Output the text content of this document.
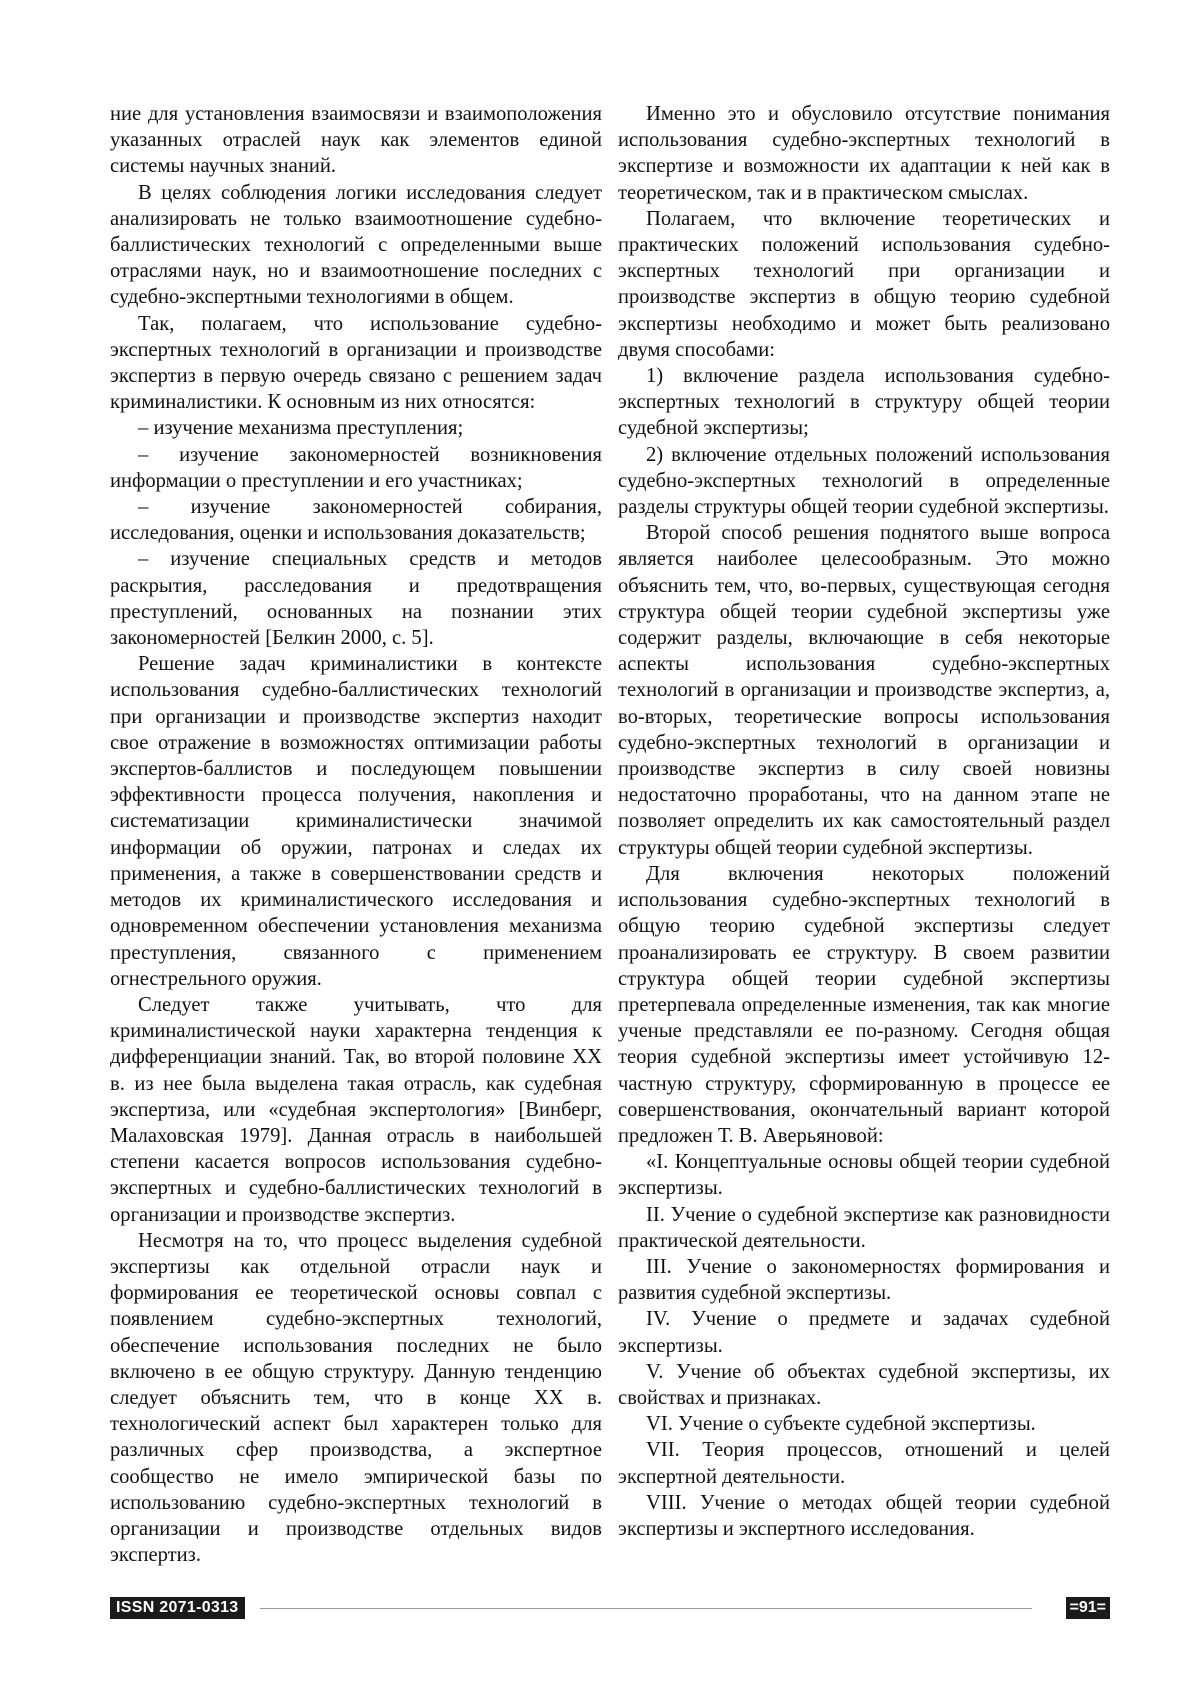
ние для установления взаимосвязи и взаимоположения указанных отраслей наук как элементов единой системы научных знаний.

В целях соблюдения логики исследования следует анализировать не только взаимоотношение судебно-баллистических технологий с определенными выше отраслями наук, но и взаимоотношение последних с судебно-экспертными технологиями в общем.

Так, полагаем, что использование судебно-экспертных технологий в организации и производстве экспертиз в первую очередь связано с решением задач криминалистики. К основным из них относятся:

– изучение механизма преступления;

– изучение закономерностей возникновения информации о преступлении и его участниках;

– изучение закономерностей собирания, исследования, оценки и использования доказательств;

– изучение специальных средств и методов раскрытия, расследования и предотвращения преступлений, основанных на познании этих закономерностей [Белкин 2000, с. 5].

Решение задач криминалистики в контексте использования судебно-баллистических технологий при организации и производстве экспертиз находит свое отражение в возможностях оптимизации работы экспертов-баллистов и последующем повышении эффективности процесса получения, накопления и систематизации криминалистически значимой информации об оружии, патронах и следах их применения, а также в совершенствовании средств и методов их криминалистического исследования и одновременном обеспечении установления механизма преступления, связанного с применением огнестрельного оружия.

Следует также учитывать, что для криминалистической науки характерна тенденция к дифференциации знаний. Так, во второй половине XX в. из нее была выделена такая отрасль, как судебная экспертиза, или «судебная экспертология» [Винберг, Малаховская 1979]. Данная отрасль в наибольшей степени касается вопросов использования судебно-экспертных и судебно-баллистических технологий в организации и производстве экспертиз.

Несмотря на то, что процесс выделения судебной экспертизы как отдельной отрасли наук и формирования ее теоретической основы совпал с появлением судебно-экспертных технологий, обеспечение использования последних не было включено в ее общую структуру. Данную тенденцию следует объяснить тем, что в конце XX в. технологический аспект был характерен только для различных сфер производства, а экспертное сообщество не имело эмпирической базы по использованию судебно-экспертных технологий в организации и производстве отдельных видов экспертиз.

Именно это и обусловило отсутствие понимания использования судебно-экспертных технологий в экспертизе и возможности их адаптации к ней как в теоретическом, так и в практическом смыслах.

Полагаем, что включение теоретических и практических положений использования судебно-экспертных технологий при организации и производстве экспертиз в общую теорию судебной экспертизы необходимо и может быть реализовано двумя способами:

1) включение раздела использования судебно-экспертных технологий в структуру общей теории судебной экспертизы;

2) включение отдельных положений использования судебно-экспертных технологий в определенные разделы структуры общей теории судебной экспертизы.

Второй способ решения поднятого выше вопроса является наиболее целесообразным. Это можно объяснить тем, что, во-первых, существующая сегодня структура общей теории судебной экспертизы уже содержит разделы, включающие в себя некоторые аспекты использования судебно-экспертных технологий в организации и производстве экспертиз, а, во-вторых, теоретические вопросы использования судебно-экспертных технологий в организации и производстве экспертиз в силу своей новизны недостаточно проработаны, что на данном этапе не позволяет определить их как самостоятельный раздел структуры общей теории судебной экспертизы.

Для включения некоторых положений использования судебно-экспертных технологий в общую теорию судебной экспертизы следует проанализировать ее структуру. В своем развитии структура общей теории судебной экспертизы претерпевала определенные изменения, так как многие ученые представляли ее по-разному. Сегодня общая теория судебной экспертизы имеет устойчивую 12-частную структуру, сформированную в процессе ее совершенствования, окончательный вариант которой предложен Т. В. Аверьяновой:

«I. Концептуальные основы общей теории судебной экспертизы.

II. Учение о судебной экспертизе как разновидности практической деятельности.

III. Учение о закономерностях формирования и развития судебной экспертизы.

IV. Учение о предмете и задачах судебной экспертизы.

V. Учение об объектах судебной экспертизы, их свойствах и признаках.

VI. Учение о субъекте судебной экспертизы.

VII. Теория процессов, отношений и целей экспертной деятельности.

VIII. Учение о методах общей теории судебной экспертизы и экспертного исследования.

ISSN 2071-0313	=91=
